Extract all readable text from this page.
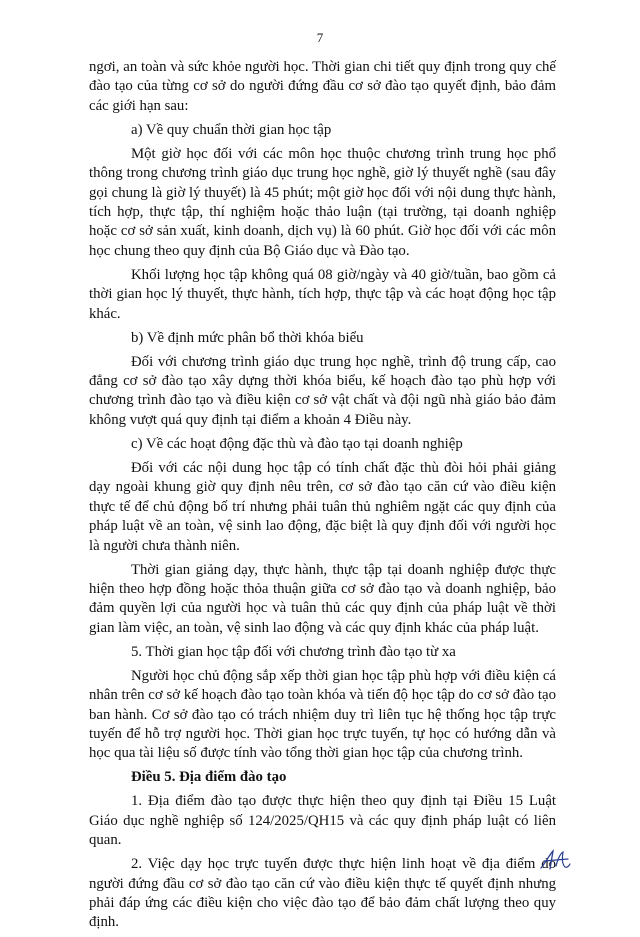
7

ngơi, an toàn và sức khỏe người học. Thời gian chi tiết quy định trong quy chế đào tạo của từng cơ sở do người đứng đầu cơ sở đào tạo quyết định, bảo đảm các giới hạn sau:

a) Về quy chuẩn thời gian học tập

Một giờ học đối với các môn học thuộc chương trình trung học phổ thông trong chương trình giáo dục trung học nghề, giờ lý thuyết nghề (sau đây gọi chung là giờ lý thuyết) là 45 phút; một giờ học đối với nội dung thực hành, tích hợp, thực tập, thí nghiệm hoặc thảo luận (tại trường, tại doanh nghiệp hoặc cơ sở sản xuất, kinh doanh, dịch vụ) là 60 phút. Giờ học đối với các môn học chung theo quy định của Bộ Giáo dục và Đào tạo.

Khối lượng học tập không quá 08 giờ/ngày và 40 giờ/tuần, bao gồm cả thời gian học lý thuyết, thực hành, tích hợp, thực tập và các hoạt động học tập khác.

b) Về định mức phân bổ thời khóa biểu

Đối với chương trình giáo dục trung học nghề, trình độ trung cấp, cao đẳng cơ sở đào tạo xây dựng thời khóa biểu, kế hoạch đào tạo phù hợp với chương trình đào tạo và điều kiện cơ sở vật chất và đội ngũ nhà giáo bảo đảm không vượt quá quy định tại điểm a khoản 4 Điều này.

c) Về các hoạt động đặc thù và đào tạo tại doanh nghiệp

Đối với các nội dung học tập có tính chất đặc thù đòi hỏi phải giảng dạy ngoài khung giờ quy định nêu trên, cơ sở đào tạo căn cứ vào điều kiện thực tế để chủ động bố trí nhưng phải tuân thủ nghiêm ngặt các quy định của pháp luật về an toàn, vệ sinh lao động, đặc biệt là quy định đối với người học là người chưa thành niên.

Thời gian giảng dạy, thực hành, thực tập tại doanh nghiệp được thực hiện theo hợp đồng hoặc thỏa thuận giữa cơ sở đào tạo và doanh nghiệp, bảo đảm quyền lợi của người học và tuân thủ các quy định của pháp luật về thời gian làm việc, an toàn, vệ sinh lao động và các quy định khác của pháp luật.

5. Thời gian học tập đối với chương trình đào tạo từ xa

Người học chủ động sắp xếp thời gian học tập phù hợp với điều kiện cá nhân trên cơ sở kế hoạch đào tạo toàn khóa và tiến độ học tập do cơ sở đào tạo ban hành. Cơ sở đào tạo có trách nhiệm duy trì liên tục hệ thống học tập trực tuyến để hỗ trợ người học. Thời gian học trực tuyến, tự học có hướng dẫn và học qua tài liệu số được tính vào tổng thời gian học tập của chương trình.

Điều 5. Địa điểm đào tạo

1. Địa điểm đào tạo được thực hiện theo quy định tại Điều 15 Luật Giáo dục nghề nghiệp số 124/2025/QH15 và các quy định pháp luật có liên quan.

2. Việc dạy học trực tuyến được thực hiện linh hoạt về địa điểm do người đứng đầu cơ sở đào tạo căn cứ vào điều kiện thực tế quyết định nhưng phải đáp ứng các điều kiện cho việc đào tạo để bảo đảm chất lượng theo quy định.
